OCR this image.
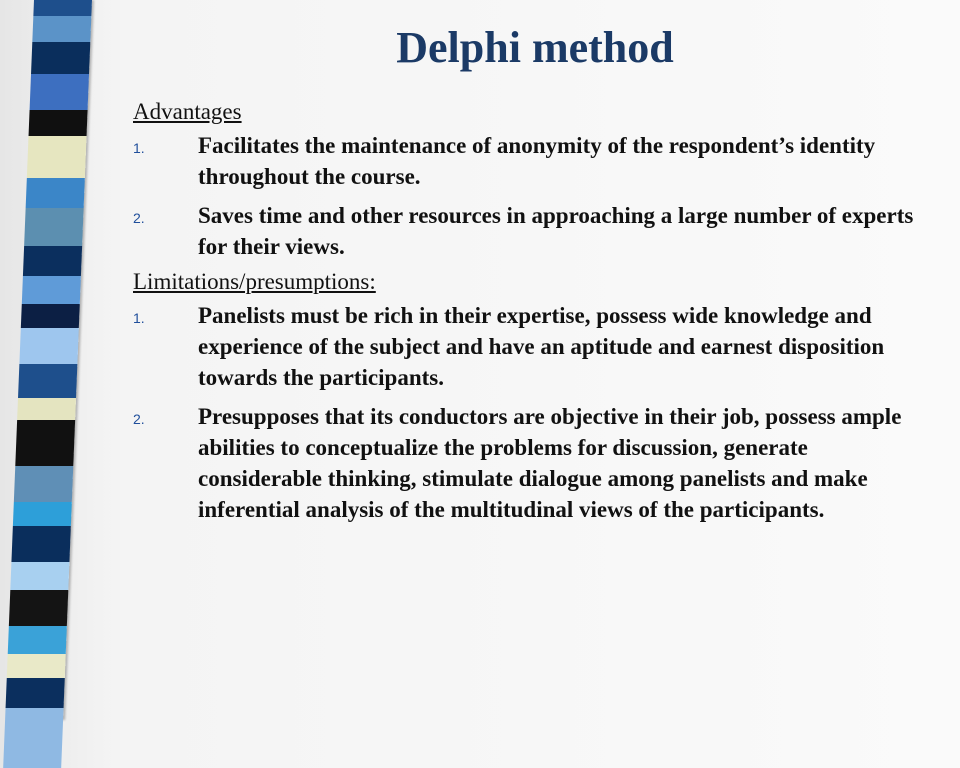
Delphi method

Advantages

1. Facilitates the maintenance of anonymity of the respondent’s identity throughout the course.
2. Saves time and other resources in approaching a large number of experts for their views.

Limitations/presumptions:

1. Panelists must be rich in their expertise, possess wide knowledge and experience of the subject and have an aptitude and earnest disposition towards the participants.
2. Presupposes that its conductors are objective in their job, possess ample abilities to conceptualize the problems for discussion, generate considerable thinking, stimulate dialogue among panelists and make inferential analysis of the multitudinal views of the participants.
